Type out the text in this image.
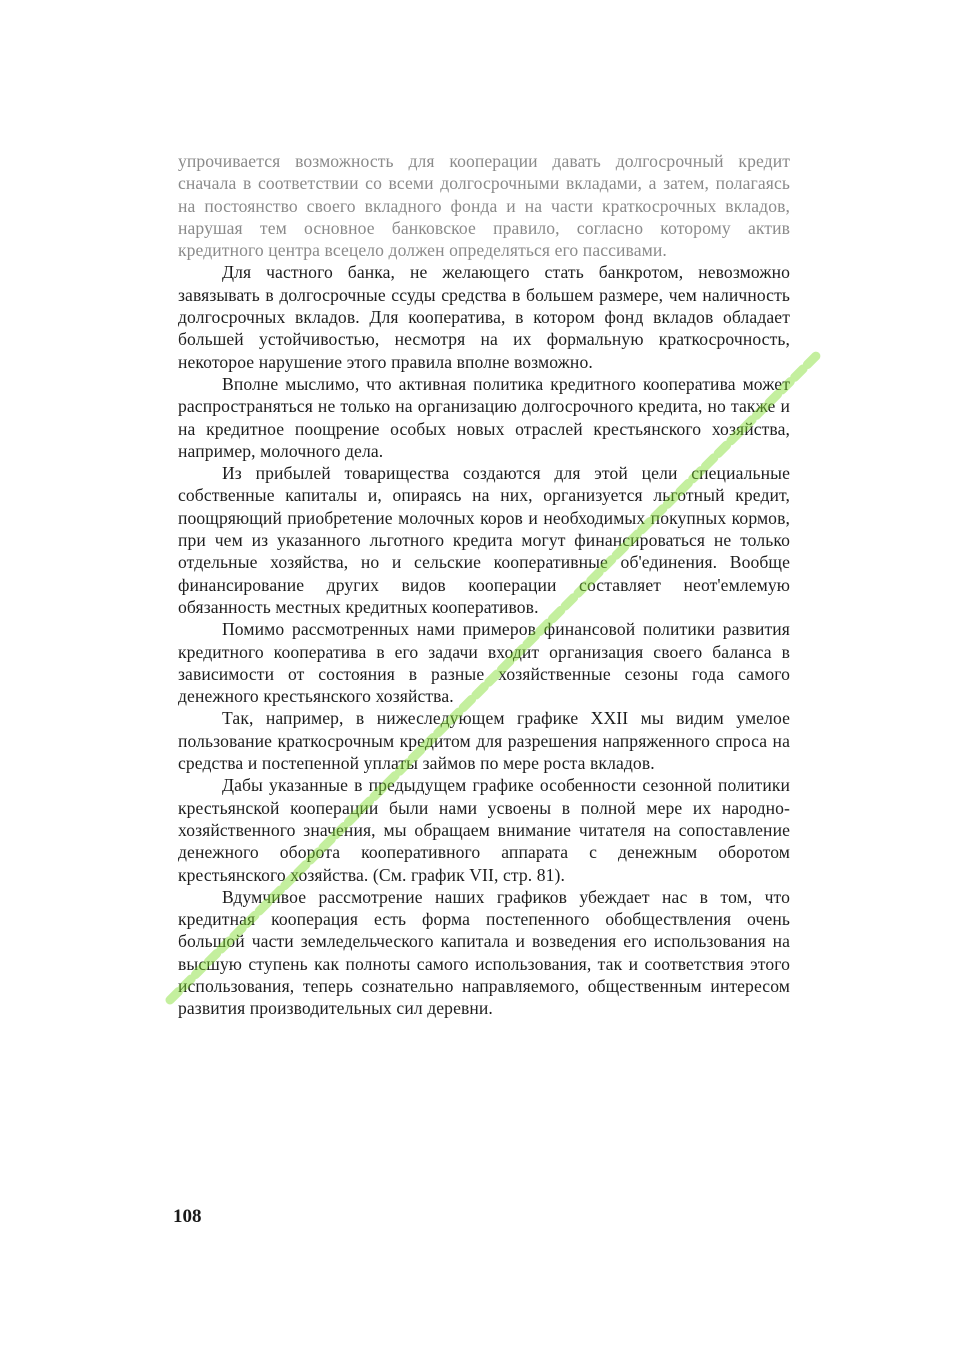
упрочивается возможность для кооперации давать долгосрочный кредит сначала в соответствии со всеми долгосрочными вкладами, а затем, полагаясь на постоянство своего вкладного фонда и на части краткосрочных вкладов, нарушая тем основное банковское правило, согласно которому актив кредитного центра всецело должен определяться его пассивами.

Для частного банка, не желающего стать банкротом, невозможно завязывать в долгосрочные ссуды средства в большем размере, чем наличность долгосрочных вкладов. Для кооператива, в котором фонд вкладов обладает большей устойчивостью, несмотря на их формальную краткосрочность, некоторое нарушение этого правила вполне возможно.

Вполне мыслимо, что активная политика кредитного кооператива может распространяться не только на организацию долгосрочного кредита, но также и на кредитное поощрение особых новых отраслей крестьянского хозяйства, например, молочного дела.

Из прибылей товарищества создаются для этой цели специальные собственные капиталы и, опираясь на них, организуется льготный кредит, поощряющий приобретение молочных коров и необходимых покупных кормов, при чем из указанного льготного кредита могут финансироваться не только отдельные хозяйства, но и сельские кооперативные об'единения. Вообще финансирование других видов кооперации составляет неот'емлемую обязанность местных кредитных кооперативов.

Помимо рассмотренных нами примеров финансовой политики развития кредитного кооператива в его задачи входит организация своего баланса в зависимости от состояния в разные хозяйственные сезоны года самого денежного крестьянского хозяйства.

Так, например, в нижеследующем графике XXII мы видим умелое пользование краткосрочным кредитом для разрешения напряженного спроса на средства и постепенной уплаты займов по мере роста вкладов.

Дабы указанные в предыдущем графике особенности сезонной политики крестьянской кооперации были нами усвоены в полной мере их народно-хозяйственного значения, мы обращаем внимание читателя на сопоставление денежного оборота кооперативного аппарата с денежным оборотом крестьянского хозяйства. (См. график VII, стр. 81).

Вдумчивое рассмотрение наших графиков убеждает нас в том, что кредитная кооперация есть форма постепенного обобществления очень большой части земледельческого капитала и возведения его использования на высшую ступень как полноты самого использования, так и соответствия этого использования, теперь сознательно направляемого, общественным интересом развития производительных сил деревни.

108
